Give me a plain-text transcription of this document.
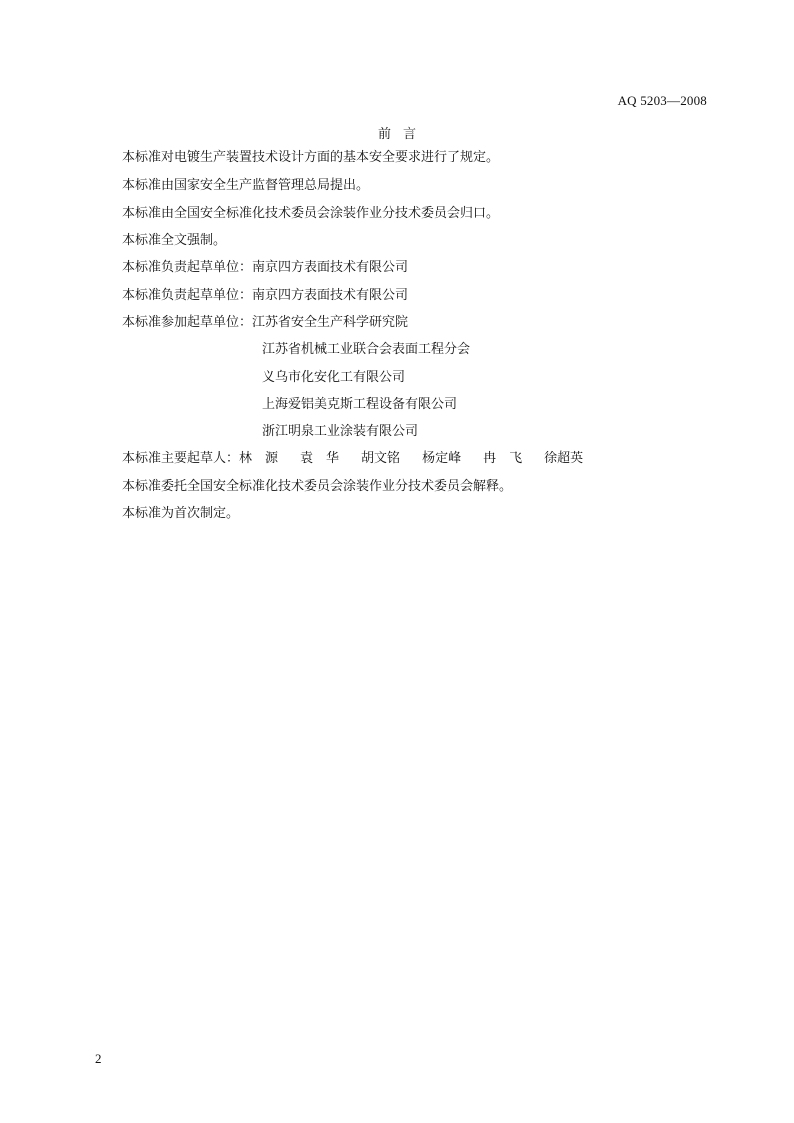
AQ 5203—2008
前 言
本标准对电镀生产装置技术设计方面的基本安全要求进行了规定。
本标准由国家安全生产监督管理总局提出。
本标准由全国安全标准化技术委员会涂装作业分技术委员会归口。
本标准全文强制。
本标准负责起草单位：南京四方表面技术有限公司
本标准负责起草单位：南京四方表面技术有限公司
本标准参加起草单位：江苏省安全生产科学研究院
江苏省机械工业联合会表面工程分会
义乌市化安化工有限公司
上海爱铝美克斯工程设备有限公司
浙江明泉工业涂装有限公司
本标准主要起草人：林　源 袁　华 胡文铭 杨定峰 冉　飞 徐超英
本标准委托全国安全标准化技术委员会涂装作业分技术委员会解释。
本标准为首次制定。
2
